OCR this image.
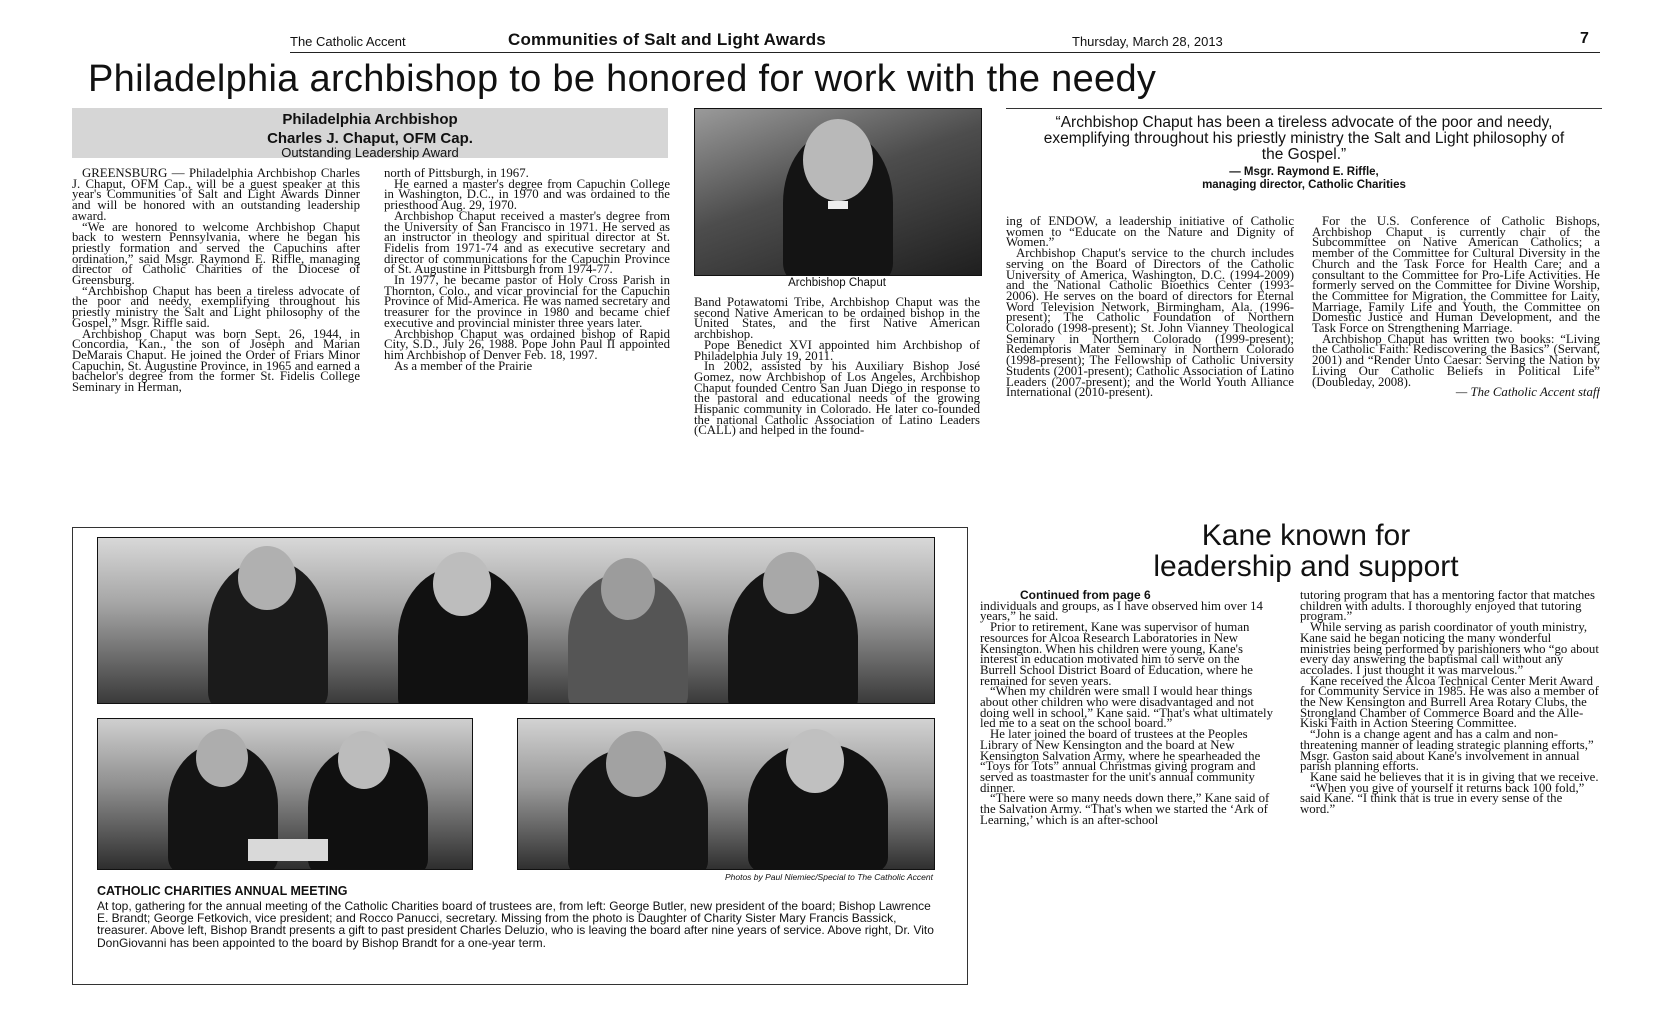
The Catholic Accent	Communities of Salt and Light Awards	Thursday, March 28, 2013	7
Philadelphia archbishop to be honored for work with the needy
Philadelphia Archbishop
Charles J. Chaput, OFM Cap.
Outstanding Leadership Award

GREENSBURG — Philadelphia Archbishop Charles J. Chaput, OFM Cap., will be a guest speaker at this year's Communities of Salt and Light Awards Dinner and will be honored with an outstanding leadership award.

“We are honored to welcome Archbishop Chaput back to western Pennsylvania, where he began his priestly formation and served the Capuchins after ordination,” said Msgr. Raymond E. Riffle, managing director of Catholic Charities of the Diocese of Greensburg.

“Archbishop Chaput has been a tireless advocate of the poor and needy, exemplifying throughout his priestly ministry the Salt and Light philosophy of the Gospel,” Msgr. Riffle said.

Archbishop Chaput was born Sept. 26, 1944, in Concordia, Kan., the son of Joseph and Marian DeMarais Chaput. He joined the Order of Friars Minor Capuchin, St. Augustine Province, in 1965 and earned a bachelor's degree from the former St. Fidelis College Seminary in Herman,

north of Pittsburgh, in 1967.

He earned a master's degree from Capuchin College in Washington, D.C., in 1970 and was ordained to the priesthood Aug. 29, 1970.

Archbishop Chaput received a master's degree from the University of San Francisco in 1971. He served as an instructor in theology and spiritual director at St. Fidelis from 1971-74 and as executive secretary and director of communications for the Capuchin Province of St. Augustine in Pittsburgh from 1974-77.

In 1977, he became pastor of Holy Cross Parish in Thornton, Colo., and vicar provincial for the Capuchin Province of Mid-America. He was named secretary and treasurer for the province in 1980 and became chief executive and provincial minister three years later.

Archbishop Chaput was ordained bishop of Rapid City, S.D., July 26, 1988. Pope John Paul II appointed him Archbishop of Denver Feb. 18, 1997.

As a member of the Prairie

Archbishop Chaput

Band Potawatomi Tribe, Archbishop Chaput was the second Native American to be ordained bishop in the United States, and the first Native American archbishop.

Pope Benedict XVI appointed him Archbishop of Philadelphia July 19, 2011.

In 2002, assisted by his Auxiliary Bishop José Gomez, now Archbishop of Los Angeles, Archbishop Chaput founded Centro San Juan Diego in response to the pastoral and educational needs of the growing Hispanic community in Colorado. He later co-founded the national Catholic Association of Latino Leaders (CALL) and helped in the found-

“Archbishop Chaput has been a tireless advocate of the poor and needy, exemplifying throughout his priestly ministry the Salt and Light philosophy of the Gospel.”
— Msgr. Raymond E. Riffle,
managing director, Catholic Charities

ing of ENDOW, a leadership initiative of Catholic women to “Educate on the Nature and Dignity of Women.”

Archbishop Chaput's service to the church includes serving on the Board of Directors of the Catholic University of America, Washington, D.C. (1994-2009) and the National Catholic Bioethics Center (1993-2006). He serves on the board of directors for Eternal Word Television Network, Birmingham, Ala. (1996-present); The Catholic Foundation of Northern Colorado (1998-present); St. John Vianney Theological Seminary in Northern Colorado (1999-present); Redemptoris Mater Seminary in Northern Colorado (1998-present); The Fellowship of Catholic University Students (2001-present); Catholic Association of Latino Leaders (2007-present); and the World Youth Alliance International (2010-present).

For the U.S. Conference of Catholic Bishops, Archbishop Chaput is currently chair of the Subcommittee on Native American Catholics; a member of the Committee for Cultural Diversity in the Church and the Task Force for Health Care; and a consultant to the Committee for Pro-Life Activities. He formerly served on the Committee for Divine Worship, the Committee for Migration, the Committee for Laity, Marriage, Family Life and Youth, the Committee on Domestic Justice and Human Development, and the Task Force on Strengthening Marriage.

Archbishop Chaput has written two books: “Living the Catholic Faith: Rediscovering the Basics” (Servant, 2001) and “Render Unto Caesar: Serving the Nation by Living Our Catholic Beliefs in Political Life” (Doubleday, 2008).

— The Catholic Accent staff
Photos by Paul Niemiec/Special to The Catholic Accent
CATHOLIC CHARITIES ANNUAL MEETING
At top, gathering for the annual meeting of the Catholic Charities board of trustees are, from left: George Butler, new president of the board; Bishop Lawrence E. Brandt; George Fetkovich, vice president; and Rocco Panucci, secretary. Missing from the photo is Daughter of Charity Sister Mary Francis Bassick, treasurer. Above left, Bishop Brandt presents a gift to past president Charles Deluzio, who is leaving the board after nine years of service. Above right, Dr. Vito DonGiovanni has been appointed to the board by Bishop Brandt for a one-year term.
Kane known for
leadership and support
Continued from page 6

individuals and groups, as I have observed him over 14 years,” he said.

Prior to retirement, Kane was supervisor of human resources for Alcoa Research Laboratories in New Kensington. When his children were young, Kane's interest in education motivated him to serve on the Burrell School District Board of Education, where he remained for seven years.

“When my children were small I would hear things about other children who were disadvantaged and not doing well in school,” Kane said. “That's what ultimately led me to a seat on the school board.”

He later joined the board of trustees at the Peoples Library of New Kensington and the board at New Kensington Salvation Army, where he spearheaded the “Toys for Tots” annual Christmas giving program and served as toastmaster for the unit's annual community dinner.

“There were so many needs down there,” Kane said of the Salvation Army. “That's when we started the ‘Ark of Learning,’ which is an after-school

tutoring program that has a mentoring factor that matches children with adults. I thoroughly enjoyed that tutoring program.”

While serving as parish coordinator of youth ministry, Kane said he began noticing the many wonderful ministries being performed by parishioners who “go about every day answering the baptismal call without any accolades. I just thought it was marvelous.”

Kane received the Alcoa Technical Center Merit Award for Community Service in 1985. He was also a member of the New Kensington and Burrell Area Rotary Clubs, the Strongland Chamber of Commerce Board and the Alle-Kiski Faith in Action Steering Committee.

“John is a change agent and has a calm and non-threatening manner of leading strategic planning efforts,” Msgr. Gaston said about Kane's involvement in annual parish planning efforts.

Kane said he believes that it is in giving that we receive.

“When you give of yourself it returns back 100 fold,” said Kane. “I think that is true in every sense of the word.”
